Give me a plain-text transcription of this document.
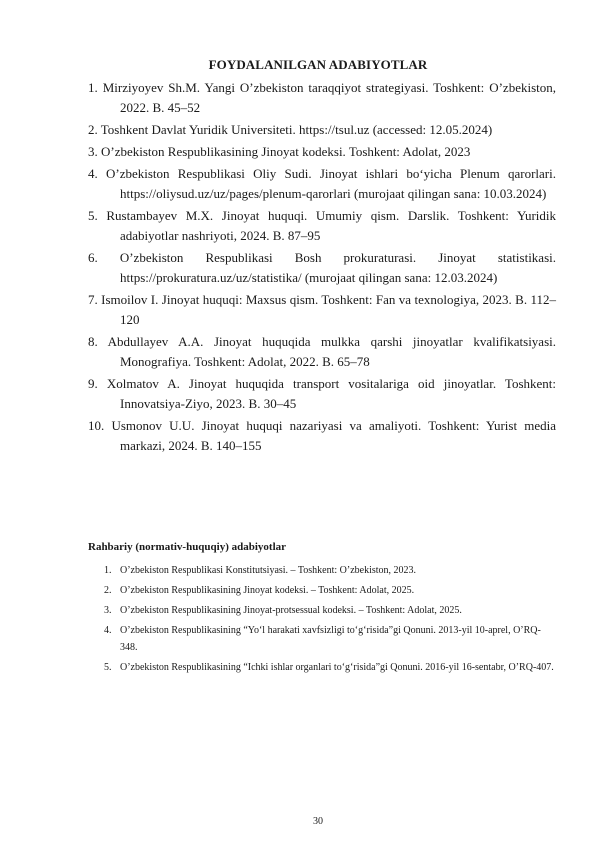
FOYDALANILGAN ADABIYOTLAR

1. Mirziyoyev Sh.M. Yangi O’zbekiston taraqqiyot strategiyasi. Toshkent: O’zbekiston, 2022. B. 45–52

2. Toshkent Davlat Yuridik Universiteti. https://tsul.uz (accessed: 12.05.2024)

3. O’zbekiston Respublikasining Jinoyat kodeksi. Toshkent: Adolat, 2023

4. O’zbekiston Respublikasi Oliy Sudi. Jinoyat ishlari bo‘yicha Plenum qarorlari. https://oliysud.uz/uz/pages/plenum-qarorlari (murojaat qilingan sana: 10.03.2024)

5. Rustambayev M.X. Jinoyat huquqi. Umumiy qism. Darslik. Toshkent: Yuridik adabiyotlar nashriyoti, 2024. B. 87–95

6. O’zbekiston Respublikasi Bosh prokuraturasi. Jinoyat statistikasi. https://prokuratura.uz/uz/statistika/ (murojaat qilingan sana: 12.03.2024)

7. Ismoilov I. Jinoyat huquqi: Maxsus qism. Toshkent: Fan va texnologiya, 2023. B. 112–120

8. Abdullayev A.A. Jinoyat huquqida mulkka qarshi jinoyatlar kvalifikatsiyasi. Monografiya. Toshkent: Adolat, 2022. B. 65–78

9. Xolmatov A. Jinoyat huquqida transport vositalariga oid jinoyatlar. Toshkent: Innovatsiya-Ziyo, 2023. B. 30–45

10. Usmonov U.U. Jinoyat huquqi nazariyasi va amaliyoti. Toshkent: Yurist media markazi, 2024. B. 140–155

Rahbariy (normativ-huquqiy) adabiyotlar
1. O’zbekiston Respublikasi Konstitutsiyasi. – Toshkent: O’zbekiston, 2023.
2. O’zbekiston Respublikasining Jinoyat kodeksi. – Toshkent: Adolat, 2025.
3. O’zbekiston Respublikasining Jinoyat-protsessual kodeksi. – Toshkent: Adolat, 2025.
4. O’zbekiston Respublikasining “Yo‘l harakati xavfsizligi to‘g‘risida”gi Qonuni. 2013-yil 10-aprel, O’RQ-348.
5. O’zbekiston Respublikasining “Ichki ishlar organlari to‘g‘risida”gi Qonuni. 2016-yil 16-sentabr, O’RQ-407.
30
